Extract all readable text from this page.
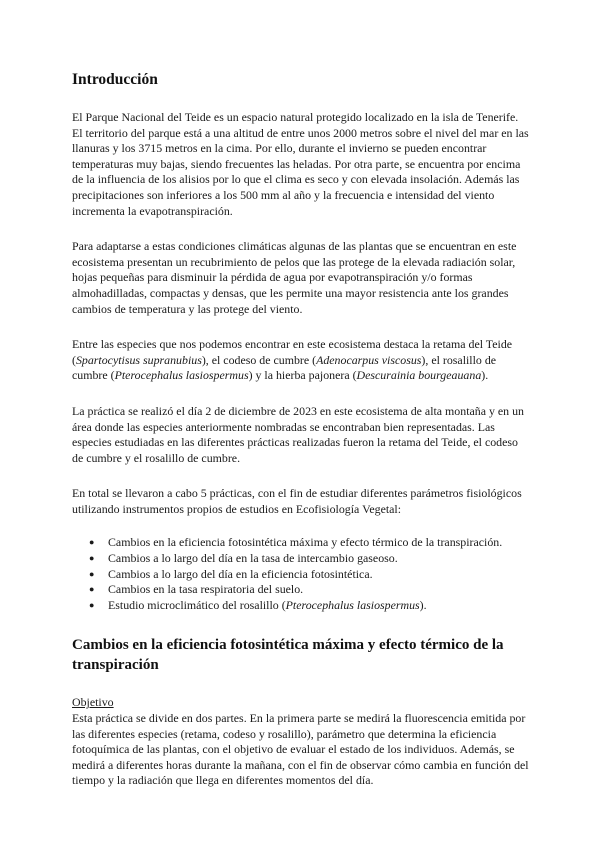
Introducción

El Parque Nacional del Teide es un espacio natural protegido localizado en la isla de Tenerife. El territorio del parque está a una altitud de entre unos 2000 metros sobre el nivel del mar en las llanuras y los 3715 metros en la cima. Por ello, durante el invierno se pueden encontrar temperaturas muy bajas, siendo frecuentes las heladas. Por otra parte, se encuentra por encima de la influencia de los alisios por lo que el clima es seco y con elevada insolación. Además las precipitaciones son inferiores a los 500 mm al año y la frecuencia e intensidad del viento incrementa la evapotranspiración.

Para adaptarse a estas condiciones climáticas algunas de las plantas que se encuentran en este ecosistema presentan un recubrimiento de pelos que las protege de la elevada radiación solar, hojas pequeñas para disminuir la pérdida de agua por evapotranspiración y/o formas almohadilladas, compactas y densas, que les permite una mayor resistencia ante los grandes cambios de temperatura y las protege del viento.

Entre las especies que nos podemos encontrar en este ecosistema destaca la retama del Teide (Spartocytisus supranubius), el codeso de cumbre (Adenocarpus viscosus), el rosalillo de cumbre (Pterocephalus lasiospermus) y la hierba pajonera (Descurainia bourgeauana).

La práctica se realizó el día 2 de diciembre de 2023 en este ecosistema de alta montaña y en un área donde las especies anteriormente nombradas se encontraban bien representadas. Las especies estudiadas en las diferentes prácticas realizadas fueron la retama del Teide, el codeso de cumbre y el rosalillo de cumbre.

En total se llevaron a cabo 5 prácticas, con el fin de estudiar diferentes parámetros fisiológicos utilizando instrumentos propios de estudios en Ecofisiología Vegetal:

● Cambios en la eficiencia fotosintética máxima y efecto térmico de la transpiración.
● Cambios a lo largo del día en la tasa de intercambio gaseoso.
● Cambios a lo largo del día en la eficiencia fotosintética.
● Cambios en la tasa respiratoria del suelo.
● Estudio microclimático del rosalillo (Pterocephalus lasiospermus).
Cambios en la eficiencia fotosintética máxima y efecto térmico de la transpiración
Objetivo

Esta práctica se divide en dos partes. En la primera parte se medirá la fluorescencia emitida por las diferentes especies (retama, codeso y rosalillo), parámetro que determina la eficiencia fotoquímica de las plantas, con el objetivo de evaluar el estado de los individuos. Además, se medirá a diferentes horas durante la mañana, con el fin de observar cómo cambia en función del tiempo y la radiación que llega en diferentes momentos del día.
